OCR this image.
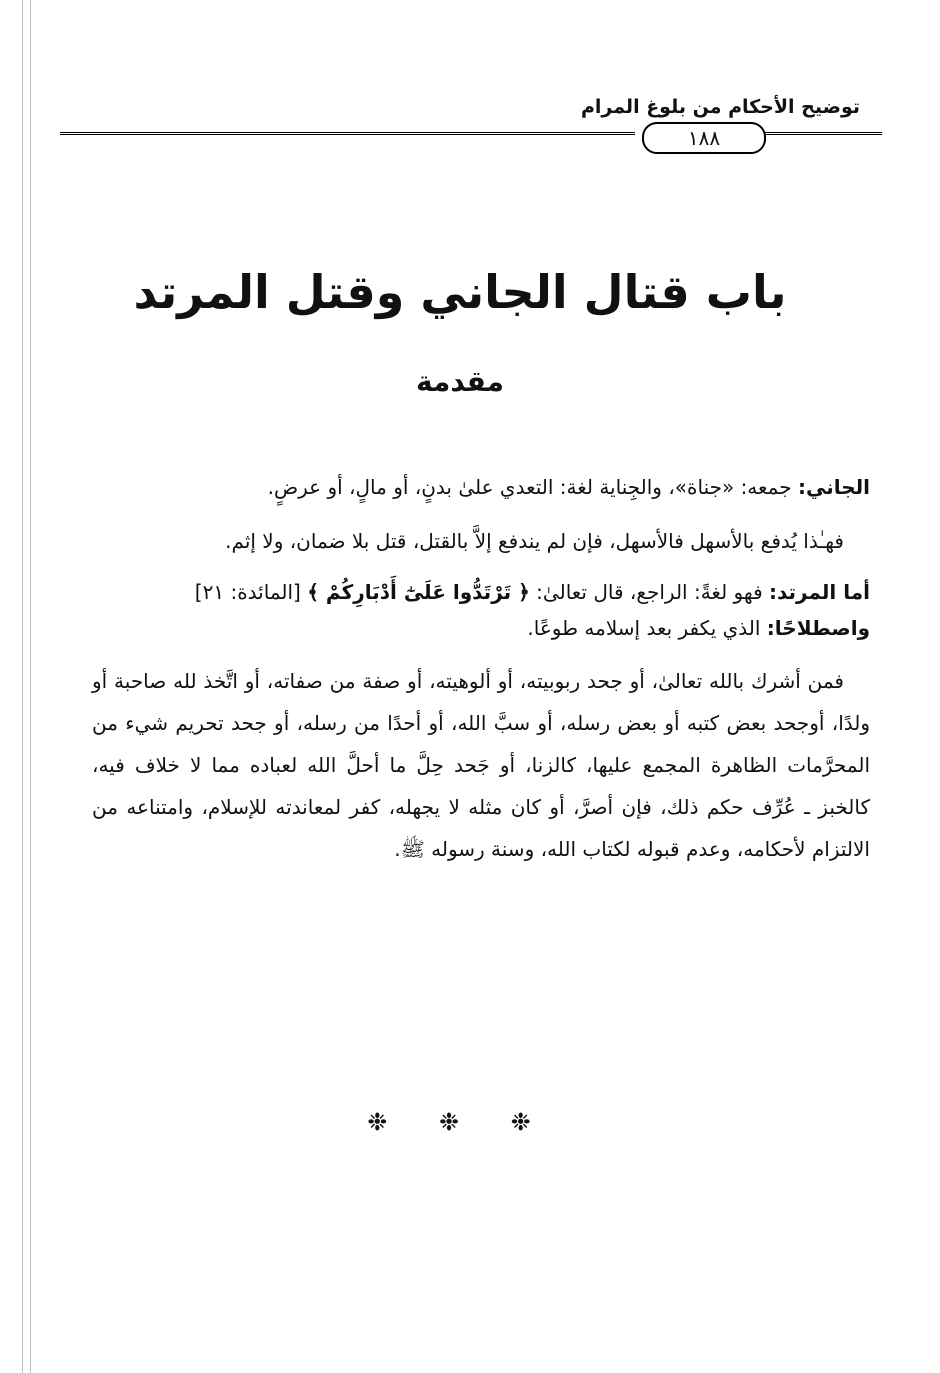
توضيح الأحكام من بلوغ المرام
١٨٨
باب قتال الجاني وقتل المرتد
مقدمة

الجاني: جمعه: «جناة»، والجِناية لغة: التعدي علىٰ بدنٍ، أو مالٍ، أو عرضٍ.

فهـٰذا يُدفع بالأسهل فالأسهل، فإن لم يندفع إلاَّ بالقتل، قتل بلا ضمان، ولا إثم.

أما المرتد: فهو لغةً: الراجع، قال تعالىٰ: ﴿ تَرْتَدُّوا عَلَىٰٓ أَدْبَارِكُمْ ﴾ [المائدة: ٢١]

واصطلاحًا: الذي يكفر بعد إسلامه طوعًا.

فمن أشرك بالله تعالىٰ، أو جحد ربوبيته، أو ألوهيته، أو صفة من صفاته، أو اتَّخذ لله صاحبة أو ولدًا، أوجحد بعض كتبه أو بعض رسله، أو سبَّ الله، أو أحدًا من رسله، أو جحد تحريم شيء من المحرَّمات الظاهرة المجمع عليها، كالزنا، أو جَحد حِلَّ ما أحلَّ الله لعباده مما لا خلاف فيه، كالخبز ـ عُرِّف حكم ذلك، فإن أصرَّ، أو كان مثله لا يجهله، كفر لمعاندته للإسلام، وامتناعه من الالتزام لأحكامه، وعدم قبوله لكتاب الله، وسنة رسوله ﷺ.

❉ ❉ ❉
